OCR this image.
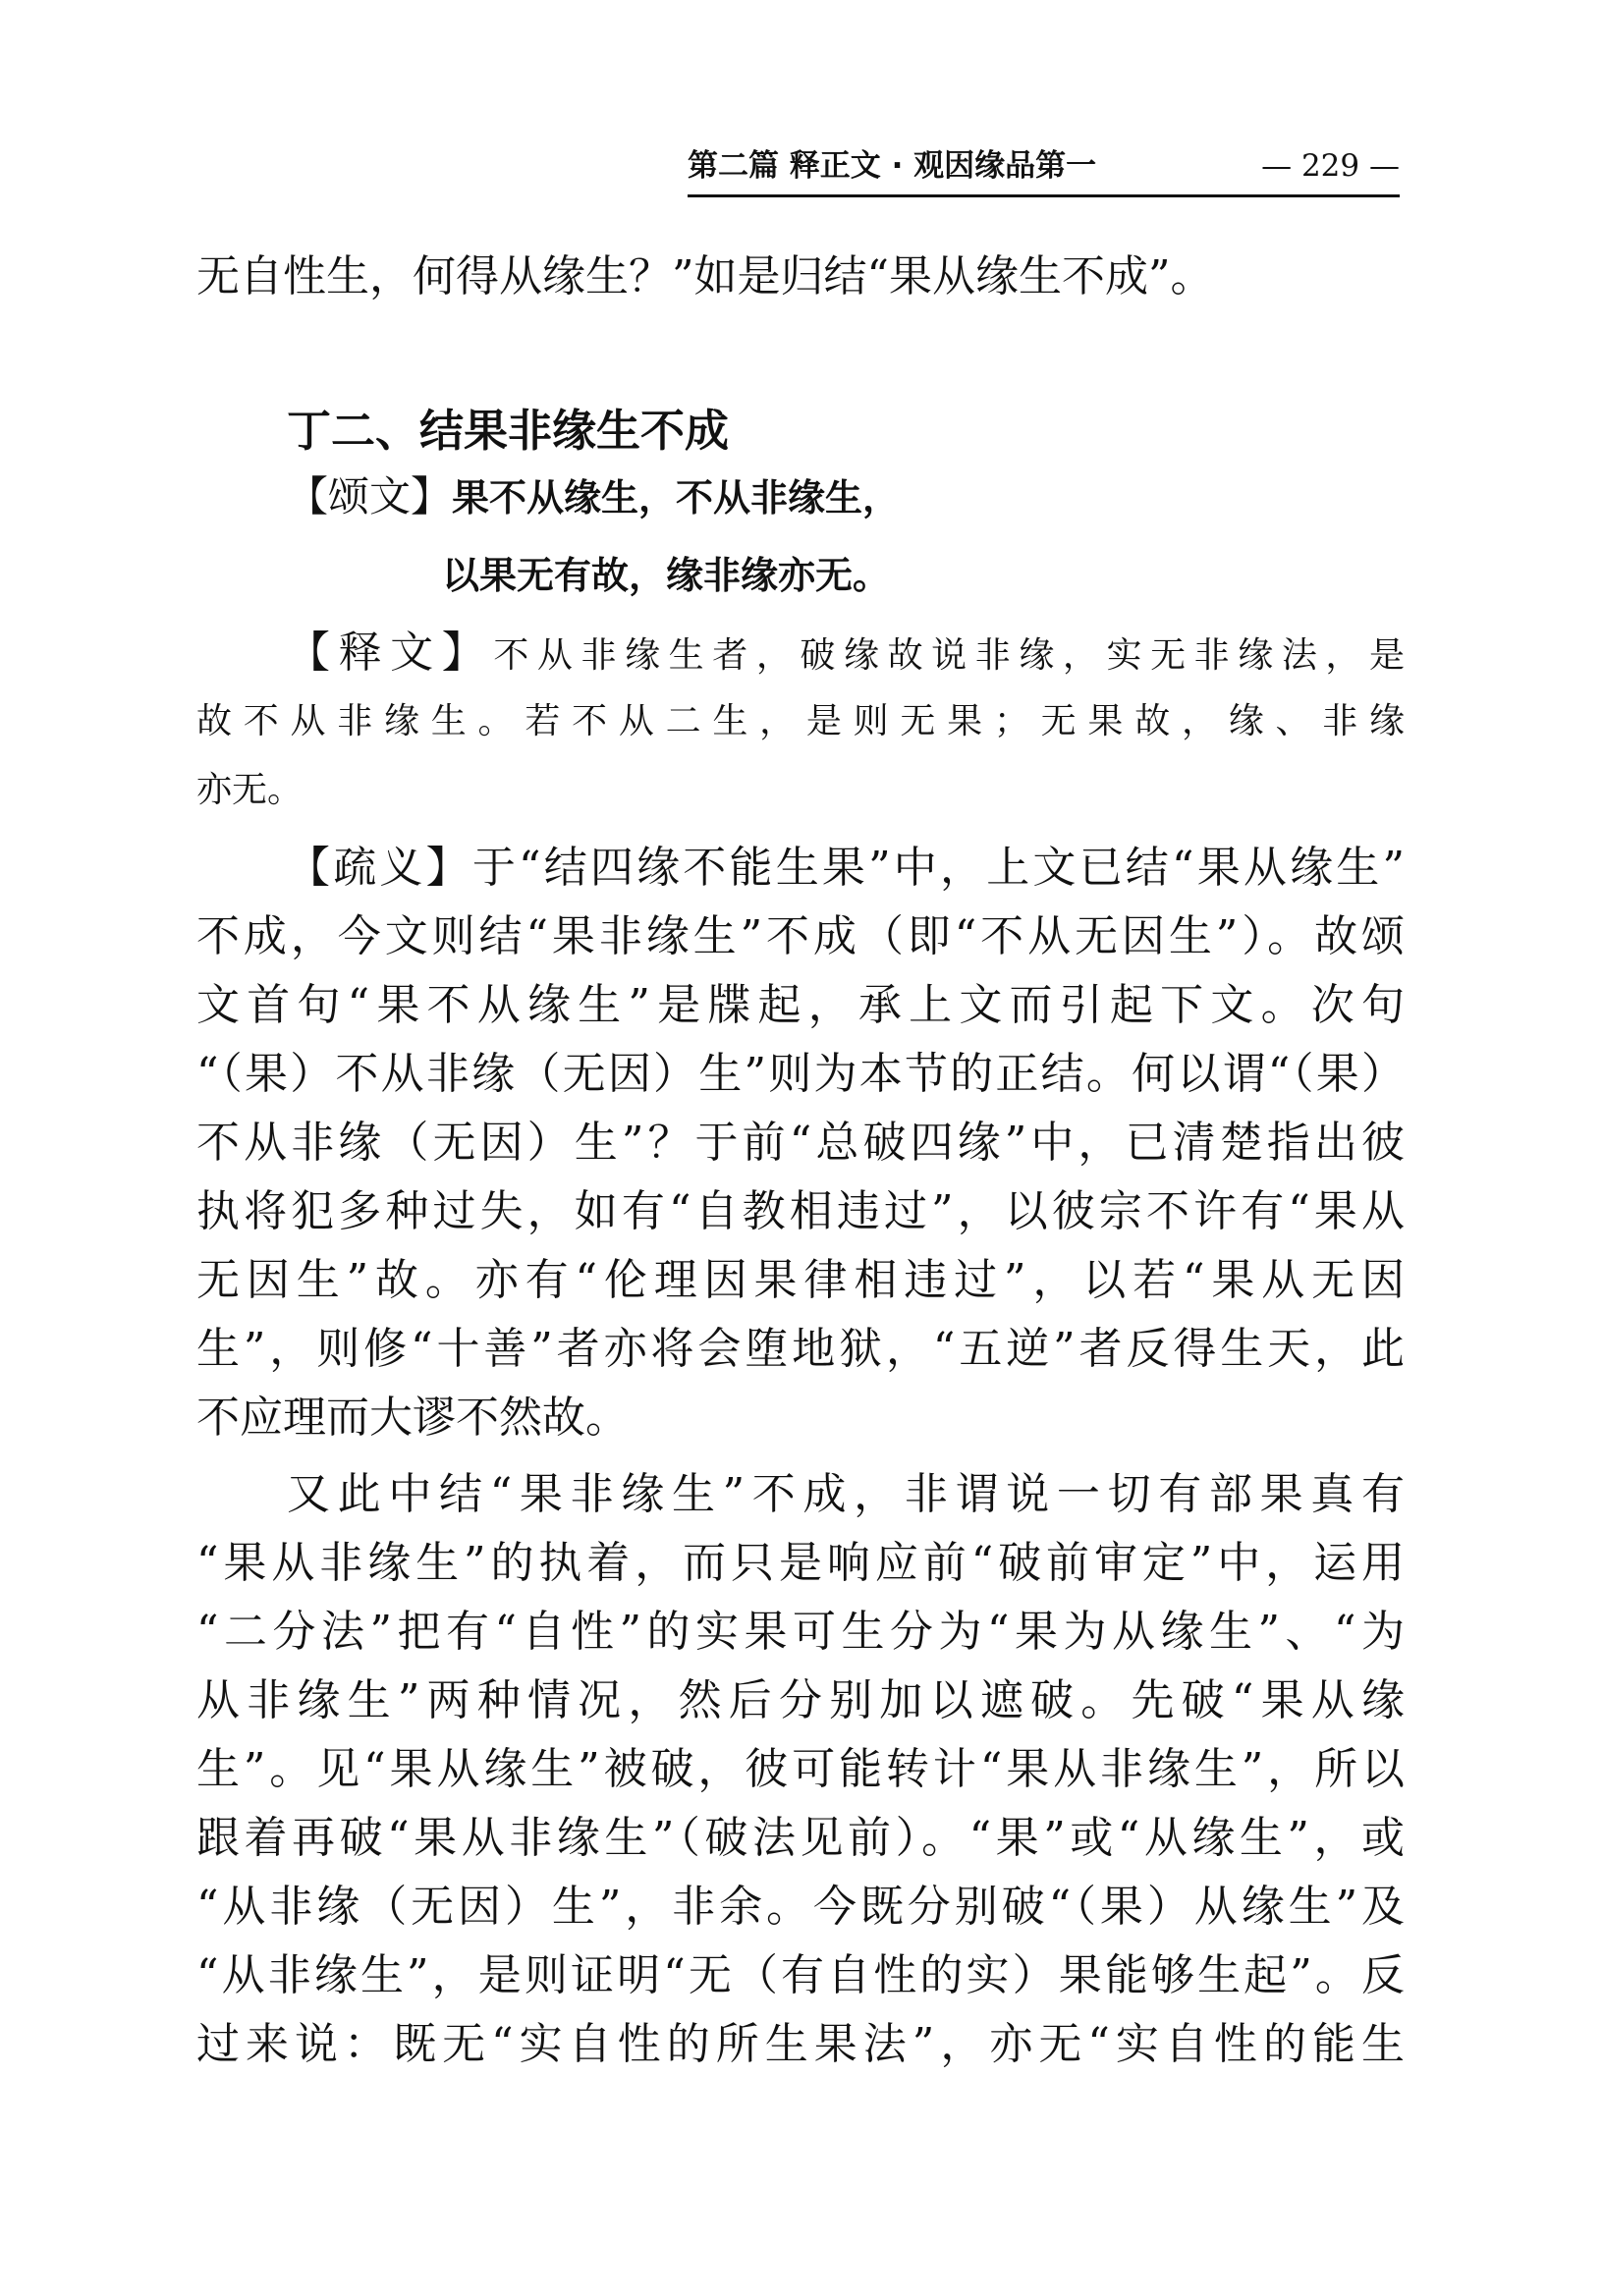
第二篇 释正文 · 观因缘品第一	— 229 —
无自性生，何得从缘生？”如是归结“果从缘生不成”。
丁二、结果非缘生不成
【颂文】果不从缘生，不从非缘生，
以果无有故，缘非缘亦无。
【释文】不从非缘生者，破缘故说非缘，实无非缘法，是
故不从非缘生。若不从二生，是则无果；无果故，缘、非缘
亦无。
【疏义】于“结四缘不能生果”中，上文已结“果从缘生”
不成，今文则结“果非缘生”不成（即“不从无因生”）。故颂
文首句“果不从缘生”是牒起，承上文而引起下文。次句
“（果）不从非缘（无因）生”则为本节的正结。何以谓“（果）
不从非缘（无因）生”？于前“总破四缘”中，已清楚指出彼
执将犯多种过失，如有“自教相违过”，以彼宗不许有“果从
无因生”故。亦有“伦理因果律相违过”，以若“果从无因
生”，则修“十善”者亦将会堕地狱，“五逆”者反得生天，此
不应理而大谬不然故。
又此中结“果非缘生”不成，非谓说一切有部果真有
“果从非缘生”的执着，而只是响应前“破前审定”中，运用
“二分法”把有“自性”的实果可生分为“果为从缘生”、“为
从非缘生”两种情况，然后分别加以遮破。先破“果从缘
生”。见“果从缘生”被破，彼可能转计“果从非缘生”，所以
跟着再破“果从非缘生”（破法见前）。“果”或“从缘生”，或
“从非缘（无因）生”，非余。今既分别破“（果）从缘生”及
“从非缘生”，是则证明“无（有自性的实）果能够生起”。反
过来说：既无“实自性的所生果法”，亦无“实自性的能生
